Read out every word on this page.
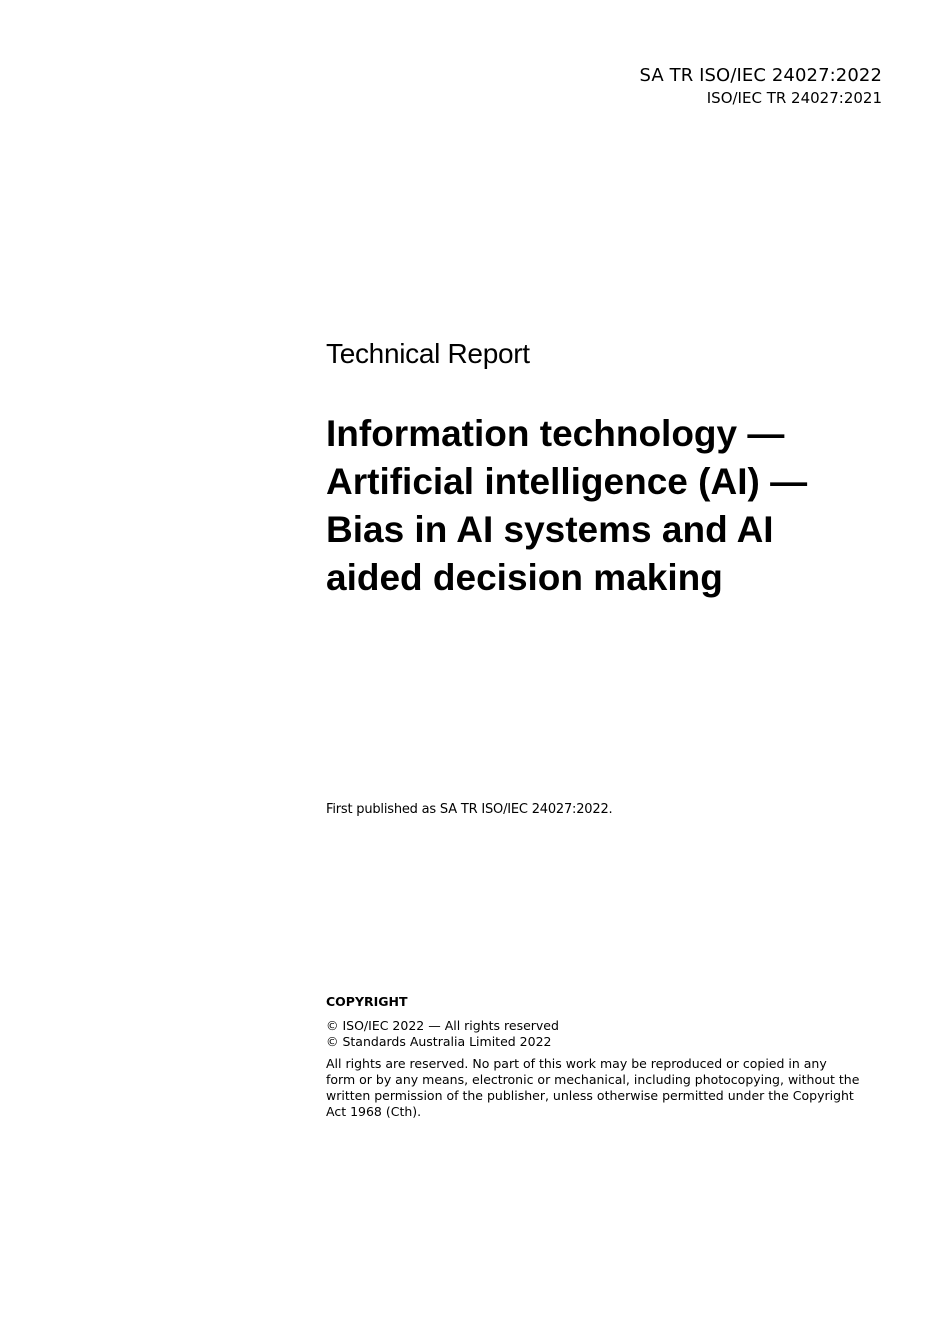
SA TR ISO/IEC 24027:2022
ISO/IEC TR 24027:2021
Technical Report
Information technology —
Artificial intelligence (AI) —
Bias in AI systems and AI
aided decision making
First published as SA TR ISO/IEC 24027:2022.
COPYRIGHT
© ISO/IEC 2022 — All rights reserved
© Standards Australia Limited 2022
All rights are reserved. No part of this work may be reproduced or copied in any
form or by any means, electronic or mechanical, including photocopying, without the
written permission of the publisher, unless otherwise permitted under the Copyright
Act 1968 (Cth).
